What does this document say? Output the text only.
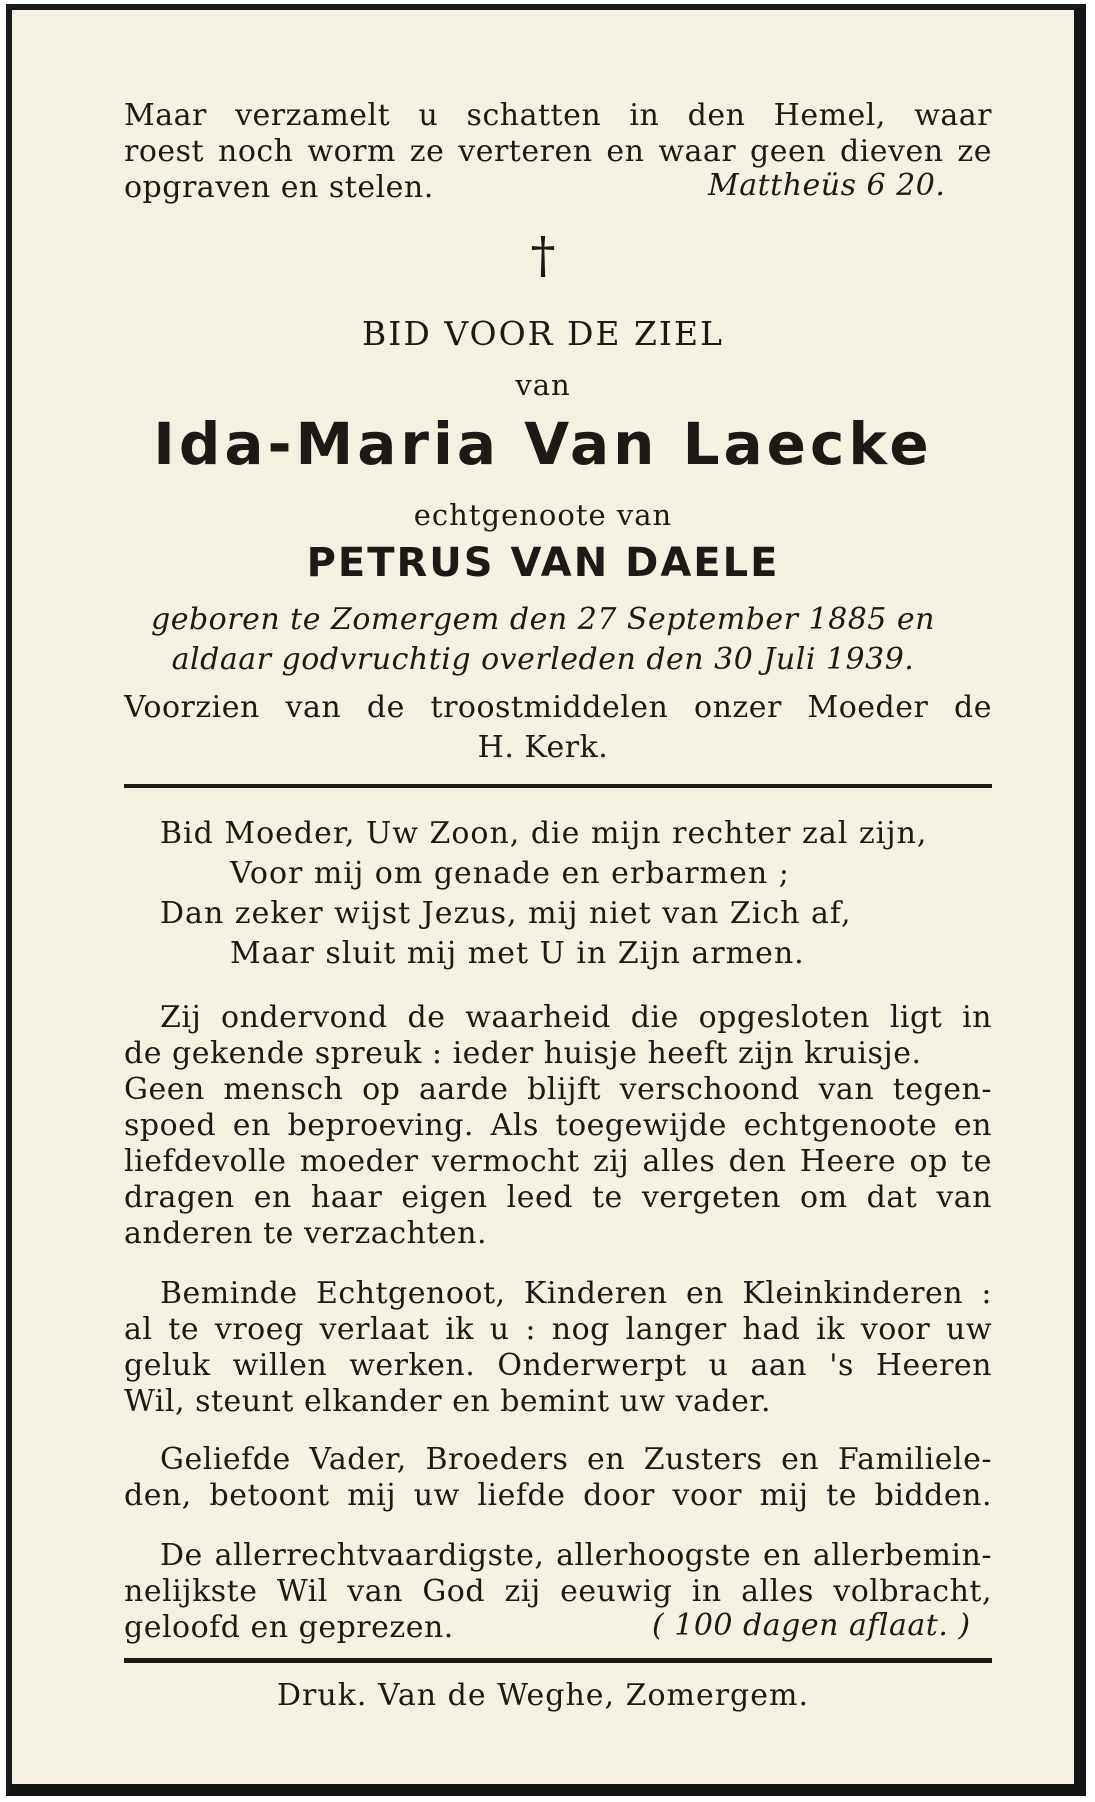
Maar verzamelt u schatten in den Hemel, waar
roest noch worm ze verteren en waar geen dieven ze
opgraven en stelen.	Mattheüs 6 20.
†
BID VOOR DE ZIEL
van
Ida-Maria Van Laecke
echtgenoote van
PETRUS VAN DAELE
geboren te Zomergem den 27 September 1885 en
aldaar godvruchtig overleden den 30 Juli 1939.
Voorzien van de troostmiddelen onzer Moeder de
H. Kerk.
Bid Moeder, Uw Zoon, die mijn rechter zal zijn,
Voor mij om genade en erbarmen ;
Dan zeker wijst Jezus, mij niet van Zich af,
Maar sluit mij met U in Zijn armen.
Zij ondervond de waarheid die opgesloten ligt in
de gekende spreuk : ieder huisje heeft zijn kruisje.
Geen mensch op aarde blijft verschoond van tegen-
spoed en beproeving. Als toegewijde echtgenoote en
liefdevolle moeder vermocht zij alles den Heere op te
dragen en haar eigen leed te vergeten om dat van
anderen te verzachten.
Beminde Echtgenoot, Kinderen en Kleinkinderen :
al te vroeg verlaat ik u : nog langer had ik voor uw
geluk willen werken. Onderwerpt u aan 's Heeren
Wil, steunt elkander en bemint uw vader.
Geliefde Vader, Broeders en Zusters en Familiele-
den, betoont mij uw liefde door voor mij te bidden.
De allerrechtvaardigste, allerhoogste en allerbemin-
nelijkste Wil van God zij eeuwig in alles volbracht,
geloofd en geprezen.	( 100 dagen aflaat. )
Druk. Van de Weghe, Zomergem.
